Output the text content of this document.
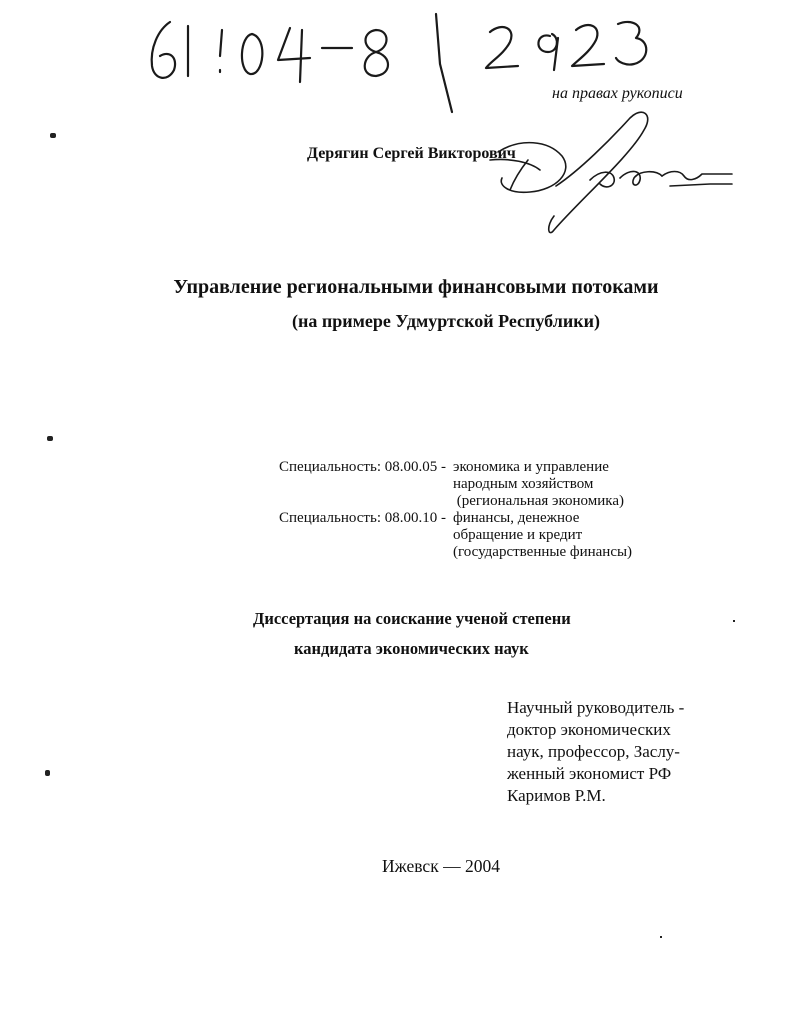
на правах рукописи
Дерягин Сергей Викторович
Управление региональными финансовыми потоками
(на примере Удмуртской Республики)
Специальность: 08.00.05 - экономика и управление
народным хозяйством
(региональная экономика)
Специальность: 08.00.10 - финансы, денежное
обращение и кредит
(государственные финансы)
Диссертация на соискание ученой степени
кандидата экономических наук
Научный руководитель -
доктор экономических
наук, профессор, Заслу-
женный экономист РФ
Каримов Р.М.
Ижевск — 2004
